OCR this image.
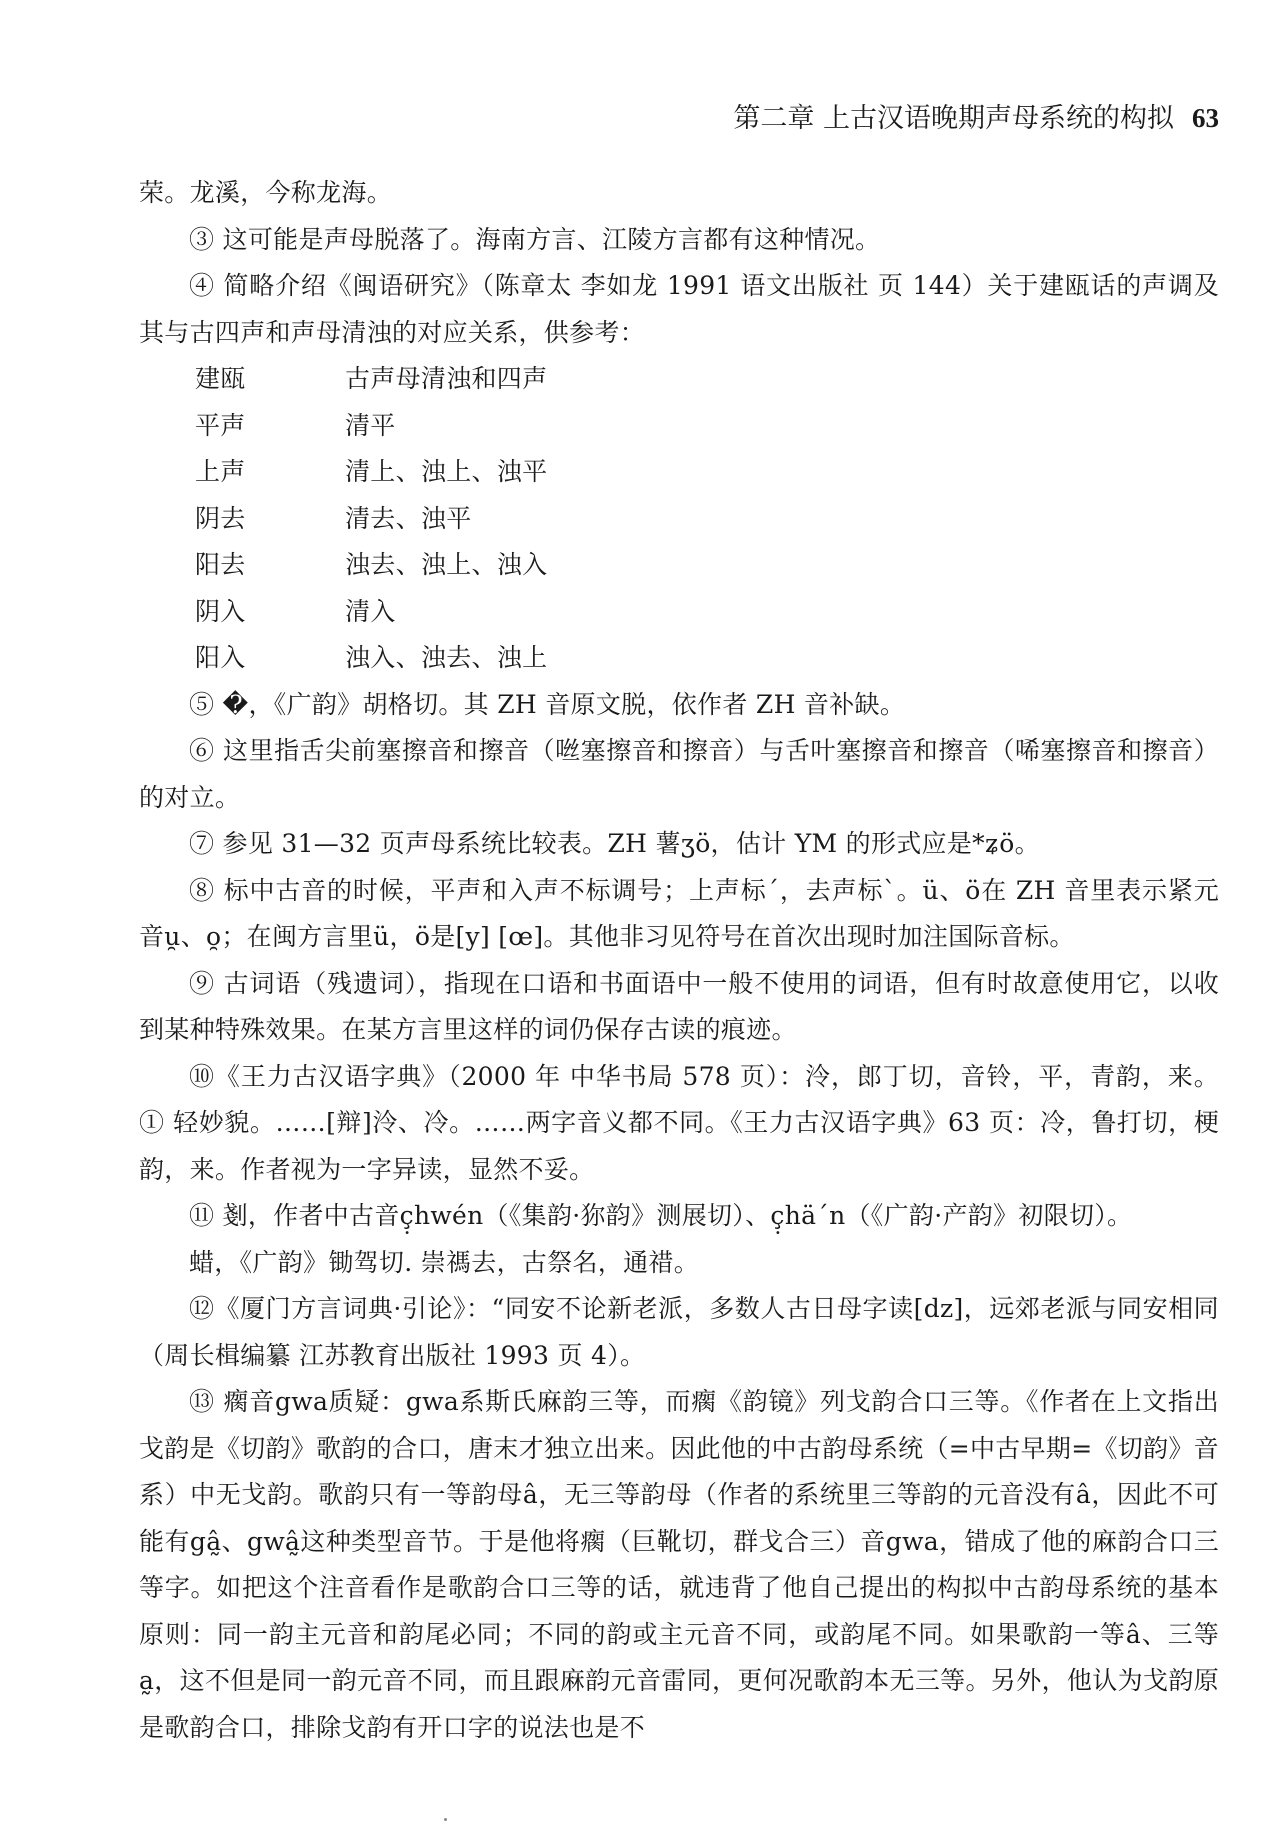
第二章 上古汉语晚期声母系统的构拟 63

荣。龙溪，今称龙海。

③ 这可能是声母脱落了。海南方言、江陵方言都有这种情况。

④ 简略介绍《闽语研究》（陈章太 李如龙 1991 语文出版社 页 144）关于建瓯话的声调及其与古四声和声母清浊的对应关系，供参考：

建瓯	古声母清浊和四声
平声	清平
上声	清上、浊上、浊平
阴去	清去、浊平
阳去	浊去、浊上、浊入
阴入	清入
阳入	浊入、浊去、浊上

⑤ �，《广韵》胡格切。其 ZH 音原文脱，依作者 ZH 音补缺。

⑥ 这里指舌尖前塞擦音和擦音（咝塞擦音和擦音）与舌叶塞擦音和擦音（唏塞擦音和擦音）的对立。

⑦ 参见 31—32 页声母系统比较表。ZH 薯ʒö，估计 YM 的形式应是*ʑö。

⑧ 标中古音的时候，平声和入声不标调号；上声标ˊ，去声标ˋ。ü、ö在 ZH 音里表示紧元音u̯、o̯；在闽方言里ü，ö是[y] [œ]。其他非习见符号在首次出现时加注国际音标。

⑨ 古词语（残遗词），指现在口语和书面语中一般不使用的词语，但有时故意使用它，以收到某种特殊效果。在某方言里这样的词仍保存古读的痕迹。

⑩《王力古汉语字典》（2000 年 中华书局 578 页）：泠，郎丁切，音铃，平，青韵，来。① 轻妙貌。……[辩]泠、冷。……两字音义都不同。《王力古汉语字典》63 页：冷，鲁打切，梗韵，来。作者视为一字异读，显然不妥。

⑪ 剗，作者中古音ç̣hwén（《集韵·狝韵》测展切）、ç̣hä´n（《广韵·产韵》初限切）。

蜡，《广韵》锄驾切. 崇禡去，古祭名，通䄍。

⑫《厦门方言词典·引论》：“同安不论新老派，多数人古日母字读[dz]，远郊老派与同安相同（周长楫编纂 江苏教育出版社 1993 页 4）。

⑬ 瘸音gwa质疑：gwa系斯氏麻韵三等，而瘸《韵镜》列戈韵合口三等。《作者在上文指出戈韵是《切韵》歌韵的合口，唐末才独立出来。因此他的中古韵母系统（=中古早期=《切韵》音系）中无戈韵。歌韵只有一等韵母â，无三等韵母（作者的系统里三等韵的元音没有â，因此不可能有gâ̰、gwâ̰这种类型音节。于是他将瘸（巨靴切，群戈合三）音gwa，错成了他的麻韵合口三等字。如把这个注音看作是歌韵合口三等的话，就违背了他自己提出的构拟中古韵母系统的基本原则：同一韵主元音和韵尾必同；不同的韵或主元音不同，或韵尾不同。如果歌韵一等â、三等a̰，这不但是同一韵元音不同，而且跟麻韵元音雷同，更何况歌韵本无三等。另外，他认为戈韵原是歌韵合口，排除戈韵有开口字的说法也是不
